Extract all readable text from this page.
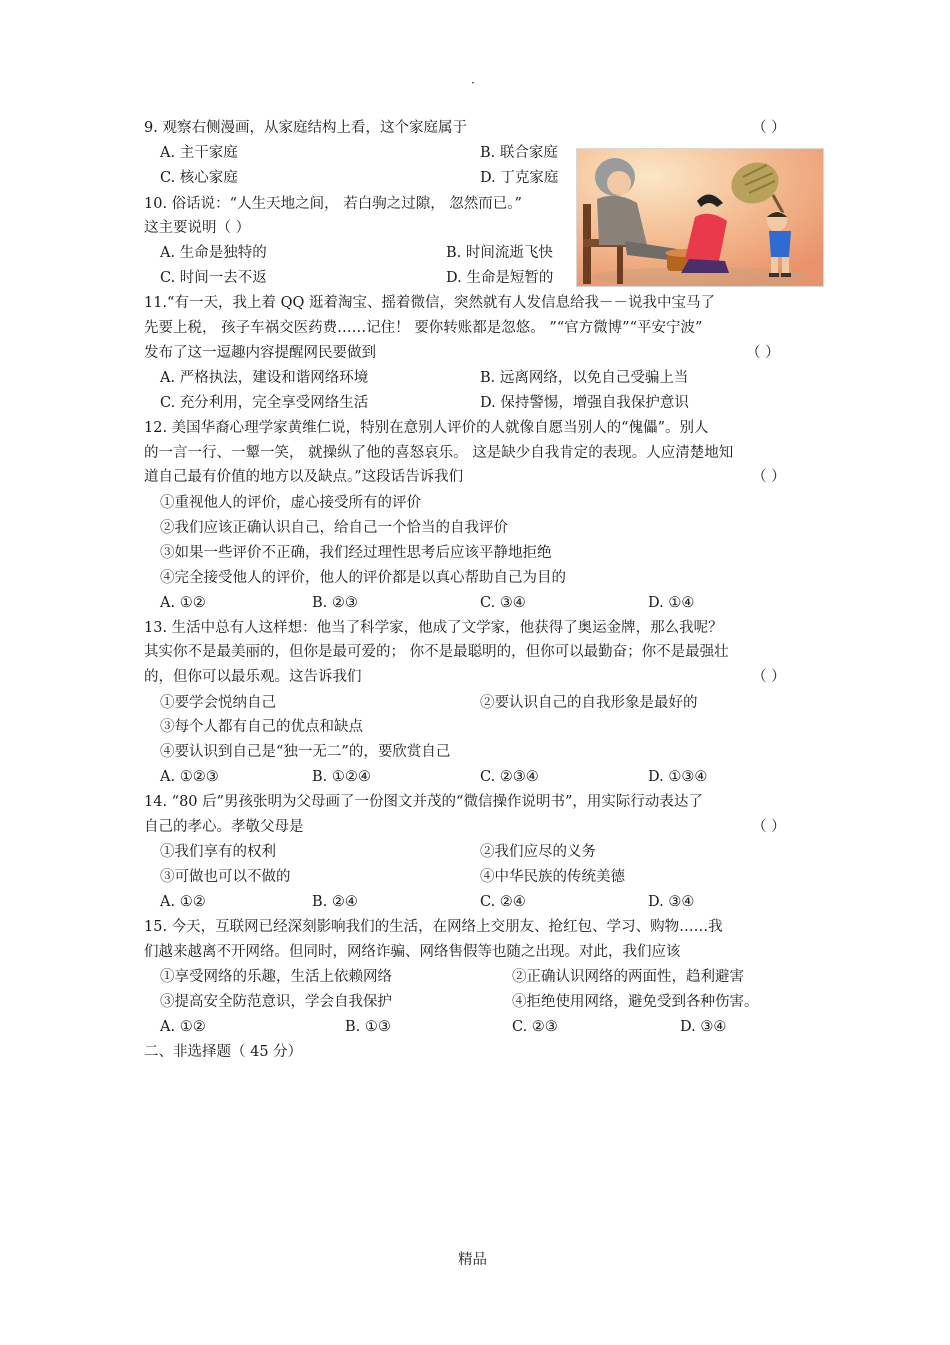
·
9. 观察右侧漫画，从家庭结构上看，这个家庭属于	（ ）
A. 主干家庭	B. 联合家庭
C. 核心家庭	D. 丁克家庭
10. 俗话说：“人生天地之间， 若白驹之过隙， 忽然而已。”
这主要说明（ ）
A. 生命是独特的	B. 时间流逝飞快
C. 时间一去不返	D. 生命是短暂的
11.“有一天，我上着 QQ 逛着淘宝、摇着微信，突然就有人发信息给我－－说我中宝马了
先要上税， 孩子车祸交医药费……记住！ 要你转账都是忽悠。 ”“官方微博”“平安宁波”
发布了这一逗趣内容提醒网民要做到	（ ）
A. 严格执法，建设和谐网络环境	B. 远离网络，以免自己受骗上当
C. 充分利用，完全享受网络生活	D. 保持警惕，增强自我保护意识
12. 美国华裔心理学家黄维仁说，特别在意别人评价的人就像自愿当别人的“傀儡”。别人
的一言一行、一颦一笑， 就操纵了他的喜怒哀乐。 这是缺少自我肯定的表现。人应清楚地知
道自己最有价值的地方以及缺点。”这段话告诉我们	（ ）
①重视他人的评价，虚心接受所有的评价
②我们应该正确认识自己，给自己一个恰当的自我评价
③如果一些评价不正确，我们经过理性思考后应该平静地拒绝
④完全接受他人的评价，他人的评价都是以真心帮助自己为目的
A. ①②	B. ②③	C. ③④	D. ①④
13. 生活中总有人这样想：他当了科学家，他成了文学家，他获得了奥运金牌，那么我呢？
其实你不是最美丽的，但你是最可爱的； 你不是最聪明的，但你可以最勤奋；你不是最强壮
的，但你可以最乐观。这告诉我们	（ ）
①要学会悦纳自己	②要认识自己的自我形象是最好的
③每个人都有自己的优点和缺点
④要认识到自己是“独一无二”的，要欣赏自己
A. ①②③	B. ①②④	C. ②③④	D. ①③④
14. “80 后”男孩张明为父母画了一份图文并茂的“微信操作说明书”，用实际行动表达了
自己的孝心。孝敬父母是	（ ）
①我们享有的权利	②我们应尽的义务
③可做也可以不做的	④中华民族的传统美德
A. ①②	B. ②④	C. ②④	D. ③④
15. 今天，互联网已经深刻影响我们的生活，在网络上交朋友、抢红包、学习、购物……我
们越来越离不开网络。但同时，网络诈骗、网络售假等也随之出现。对此，我们应该
①享受网络的乐趣，生活上依赖网络	②正确认识网络的两面性，趋利避害
③提高安全防范意识，学会自我保护	④拒绝使用网络，避免受到各种伤害。
A. ①②	B. ①③	C. ②③	D. ③④
二、非选择题（ 45 分）
精品
